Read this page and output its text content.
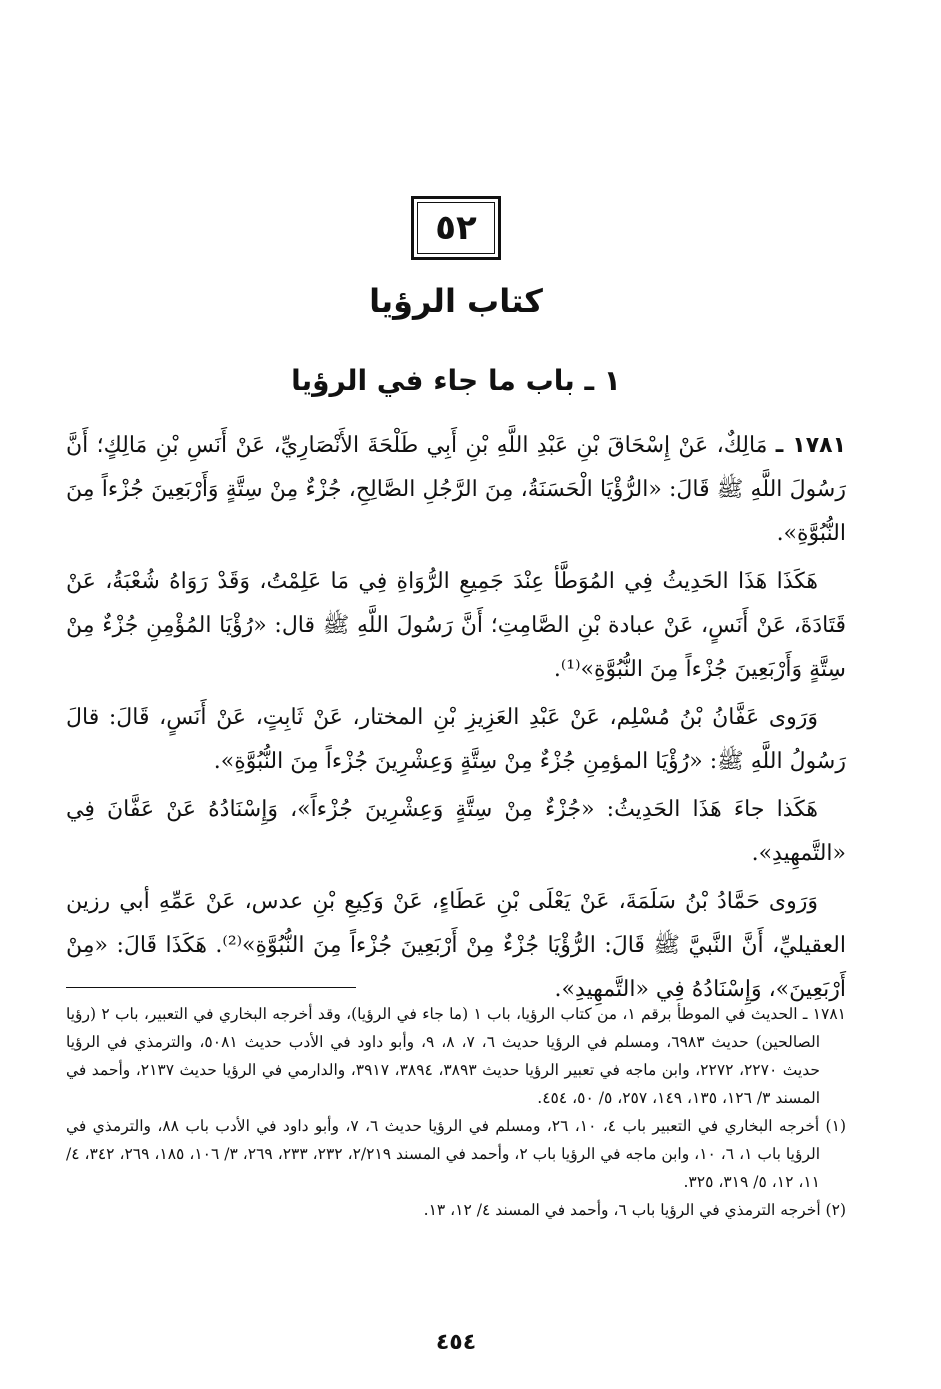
٥٢
كتاب الرؤيا
١ ـ باب ما جاء في الرؤيا

١٧٨١ ـ مَالِكٌ، عَنْ إِسْحَاقَ بْنِ عَبْدِ اللَّهِ بْنِ أَبِي طَلْحَةَ الأَنْصَارِيِّ، عَنْ أَنَسِ بْنِ مَالِكٍ؛ أَنَّ رَسُولَ اللَّهِ ﷺ قَالَ: «الرُّؤْيَا الْحَسَنَةُ، مِنَ الرَّجُلِ الصَّالِحِ، جُزْءٌ مِنْ سِتَّةٍ وَأَرْبَعِينَ جُزْءاً مِنَ النُّبُوَّةِ».

هَكَذَا هَذَا الحَدِيثُ فِي المُوَطَّأ عِنْدَ جَمِيعِ الرُّوَاةِ فِي مَا عَلِمْتُ، وَقَدْ رَوَاهُ شُعْبَةُ، عَنْ قَتَادَةَ، عَنْ أَنَسٍ، عَنْ عبادة بْنِ الصَّامِتِ؛ أَنَّ رَسُولَ اللَّهِ ﷺ قال: «رُؤْيَا المُؤْمِنِ جُزْءٌ مِنْ سِتَّةٍ وَأَرْبَعِينَ جُزْءاً مِنَ النُّبُوَّةِ»⁽¹⁾.

وَرَوى عَفَّانُ بْنُ مُسْلِم، عَنْ عَبْدِ العَزِيزِ بْنِ المختار، عَنْ ثَابِتٍ، عَنْ أَنَسٍ، قَالَ: قالَ رَسُولُ اللَّهِ ﷺ: «رُؤْيَا المؤمِنِ جُزْءٌ مِنْ سِتَّةٍ وَعِشْرِينَ جُزْءاً مِنَ النُّبُوَّةِ».

هَكَذا جاءَ هَذَا الحَدِيثُ: «جُزْءٌ مِنْ سِتَّةٍ وَعِشْرِينَ جُزْءاً»، وَإِسْنَادُهُ عَنْ عَفَّانَ فِي «التَّمهِيدِ».

وَرَوى حَمَّادُ بْنُ سَلَمَةَ، عَنْ يَعْلَى بْنِ عَطَاءٍ، عَنْ وَكِيعِ بْنِ عدس، عَنْ عَمِّهِ أبي رزين العقيليِّ، أَنَّ النَّبيَّ ﷺ قَالَ: الرُّؤْيَا جُزْءٌ مِنْ أَرْبَعِينَ جُزْءاً مِنَ النُّبُوَّةِ»⁽²⁾. هَكَذَا قَالَ: «مِنْ أَرْبَعِينَ»، وَإِسْنَادُهُ فِي «التَّمهِيدِ».

١٧٨١ ـ الحديث في الموطأ برقم ١، من كتاب الرؤيا، باب ١ (ما جاء في الرؤيا)، وقد أخرجه البخاري في التعبير، باب ٢ (رؤيا الصالحين) حديث ٦٩٨٣، ومسلم في الرؤيا حديث ٦، ٧، ٨، ٩، وأبو داود في الأدب حديث ٥٠٨١، والترمذي في الرؤيا حديث ٢٢٧٠، ٢٢٧٢، وابن ماجه في تعبير الرؤيا حديث ٣٨٩٣، ٣٨٩٤، ٣٩١٧، والدارمي في الرؤيا حديث ٢١٣٧، وأحمد في المسند ٣/ ١٢٦، ١٣٥، ١٤٩، ٢٥٧، ٥/ ٥٠، ٤٥٤.

(١) أخرجه البخاري في التعبير باب ٤، ١٠، ٢٦، ومسلم في الرؤيا حديث ٦، ٧، وأبو داود في الأدب باب ٨٨، والترمذي في الرؤيا باب ١، ٦، ١٠، وابن ماجه في الرؤيا باب ٢، وأحمد في المسند ٢/٢١٩، ٢٣٢، ٢٣٣، ٢٦٩، ٣/ ١٠٦، ١٨٥، ٢٦٩، ٣٤٢، ٤/ ١١، ١٢، ٥/ ٣١٩، ٣٢٥.

(٢) أخرجه الترمذي في الرؤيا باب ٦، وأحمد في المسند ٤/ ١٢، ١٣.

٤٥٤
